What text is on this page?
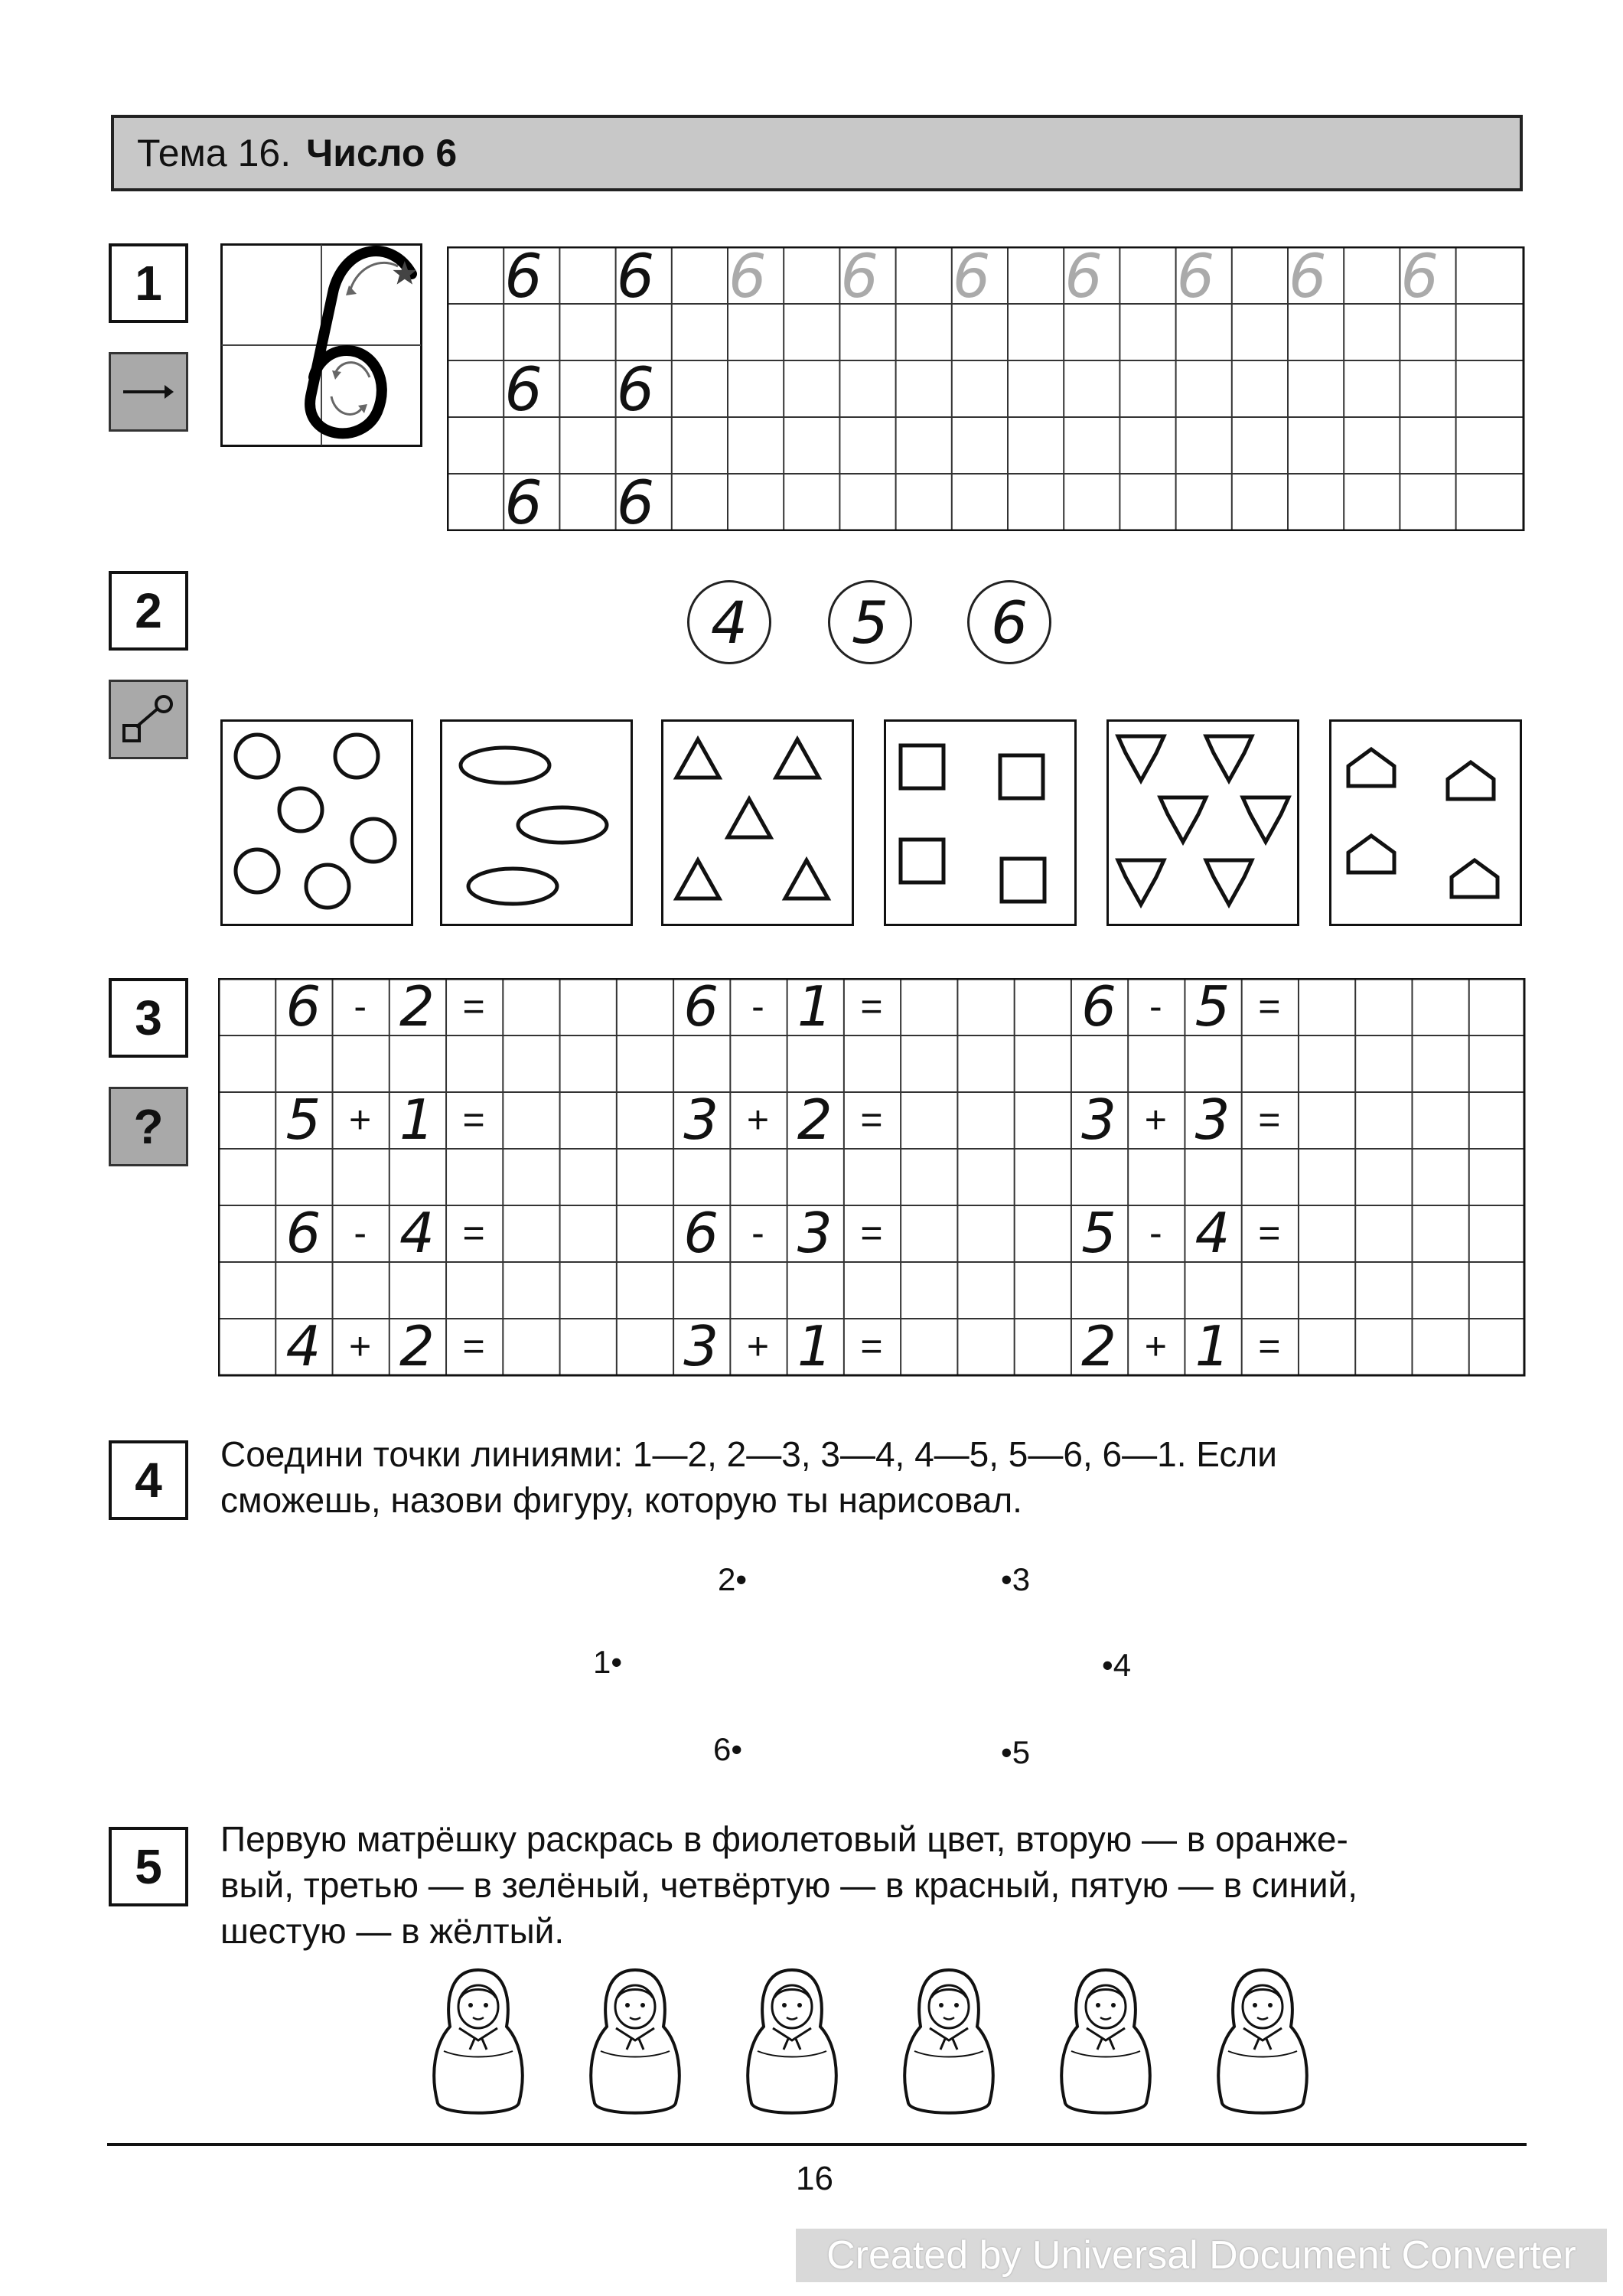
Тема 16. Число 6
1	6 6 6 6 6 6 6 6 6
6 6
6 6
2	4 5 6
3
?
6 - 2 =	6 - 1 =	6 - 5 =
5 + 1 =	3 + 2 =	3 + 3 =
6 - 4 =	6 - 3 =	5 - 4 =
4 + 2 =	3 + 1 =	2 + 1 =
4	Соедини точки линиями: 1—2, 2—3, 3—4, 4—5, 5—6, 6—1. Если
сможешь, назови фигуру, которую ты нарисовал.
1•
2•	•3
•4
•5
6•
5	Первую матрёшку раскрась в фиолетовый цвет, вторую — в оранже-
вый, третью — в зелёный, четвёртую — в красный, пятую — в синий,
шестую — в жёлтый.
16
Created by Universal Document Converter
